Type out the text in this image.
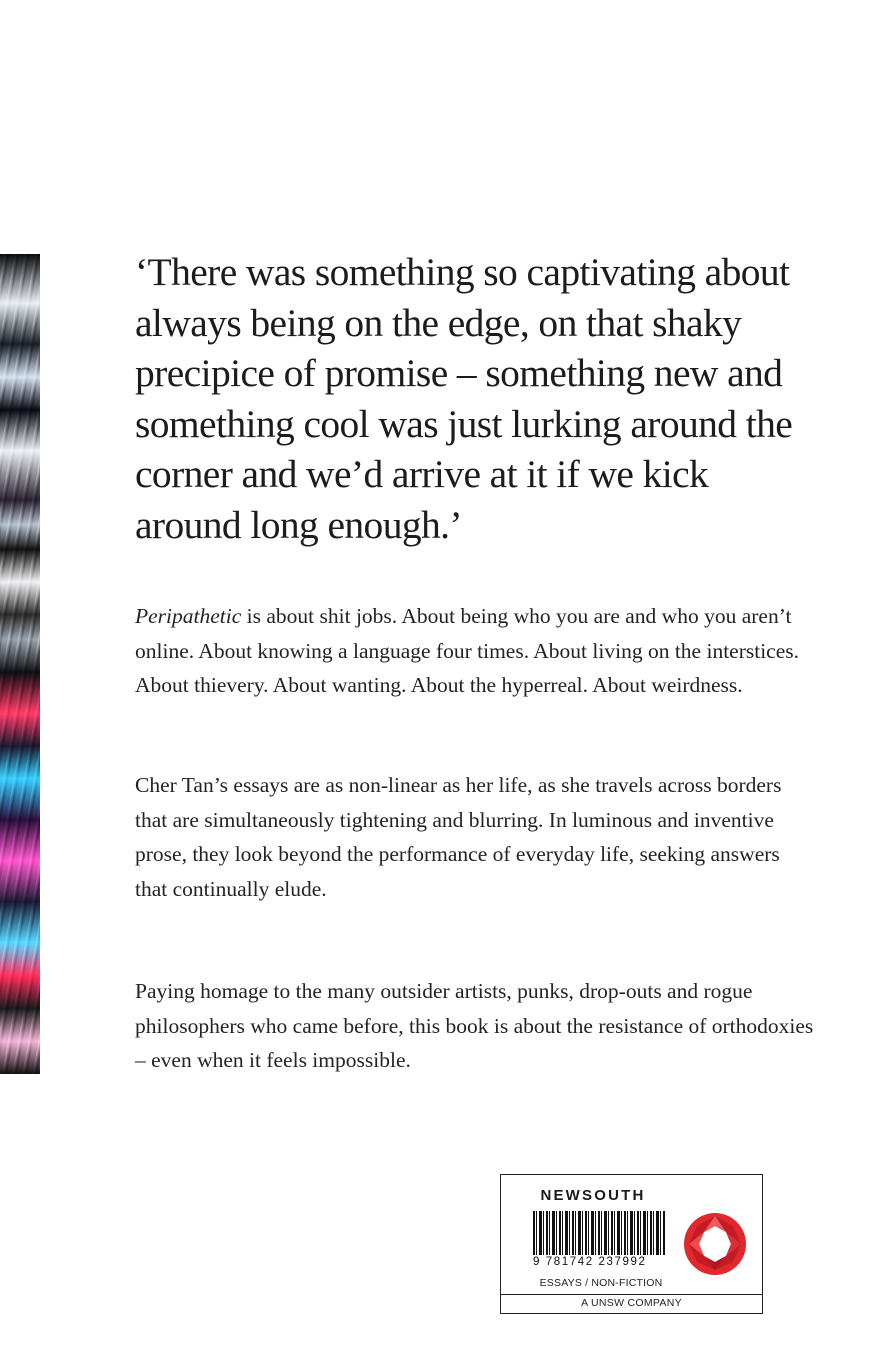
‘There was something so captivating about always being on the edge, on that shaky precipice of promise – something new and something cool was just lurking around the corner and we’d arrive at it if we kick around long enough.’

Peripathetic is about shit jobs. About being who you are and who you aren’t online. About knowing a language four times. About living on the interstices. About thievery. About wanting. About the hyperreal. About weirdness.

Cher Tan’s essays are as non-linear as her life, as she travels across borders that are simultaneously tightening and blurring. In luminous and inventive prose, they look beyond the performance of everyday life, seeking answers that continually elude.

Paying homage to the many outsider artists, punks, drop-outs and rogue philosophers who came before, this book is about the resistance of orthodoxies – even when it feels impossible.

NEWSOUTH
9 781742 237992
ESSAYS / NON-FICTION
A UNSW COMPANY
